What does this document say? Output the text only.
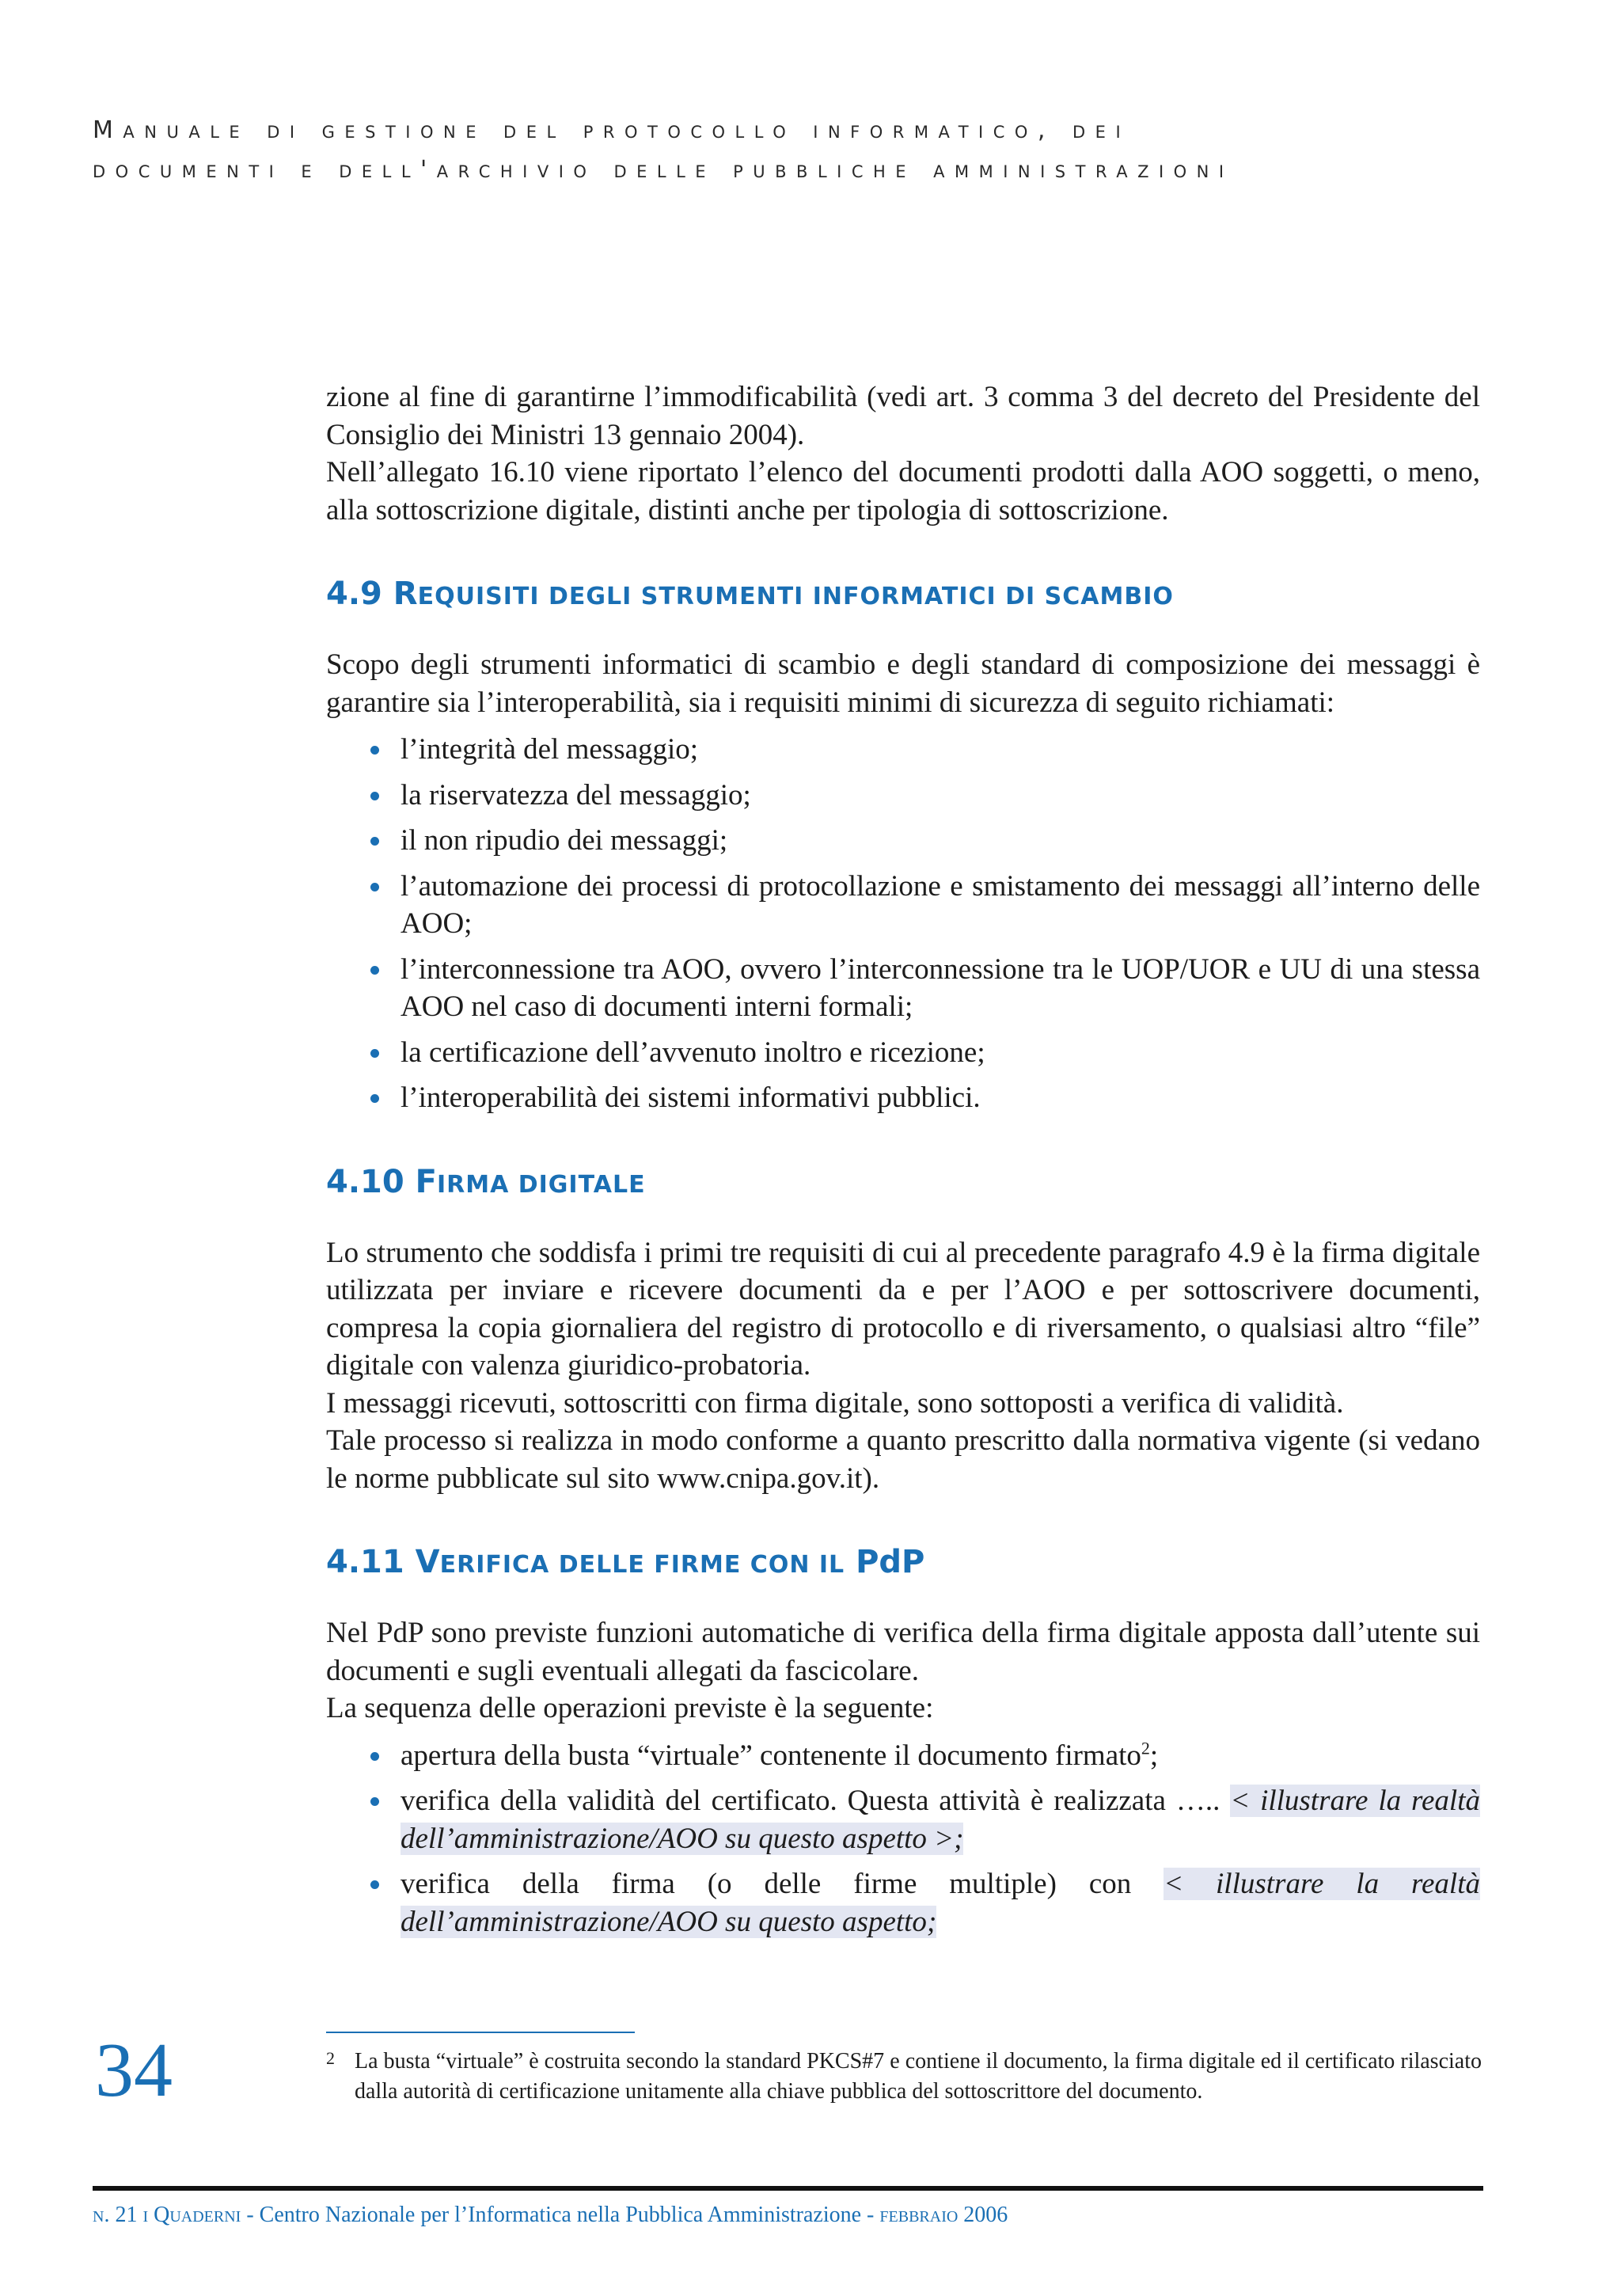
Manuale di gestione del protocollo informatico, dei
documenti e dell'archivio delle pubbliche amministrazioni

zione al fine di garantirne l’immodificabilità (vedi art. 3 comma 3 del decreto del Presidente del Consiglio dei Ministri 13 gennaio 2004).

Nell’allegato 16.10 viene riportato l’elenco del documenti prodotti dalla AOO soggetti, o meno, alla sottoscrizione digitale, distinti anche per tipologia di sottoscrizione.

4.9 REQUISITI DEGLI STRUMENTI INFORMATICI DI SCAMBIO

Scopo degli strumenti informatici di scambio e degli standard di composizione dei messaggi è garantire sia l’interoperabilità, sia i requisiti minimi di sicurezza di seguito richiamati:

l’integrità del messaggio;
la riservatezza del messaggio;
il non ripudio dei messaggi;
l’automazione dei processi di protocollazione e smistamento dei messaggi all’interno delle AOO;
l’interconnessione tra AOO, ovvero l’interconnessione tra le UOP/UOR e UU di una stessa AOO nel caso di documenti interni formali;
la certificazione dell’avvenuto inoltro e ricezione;
l’interoperabilità dei sistemi informativi pubblici.
4.10 FIRMA DIGITALE

Lo strumento che soddisfa i primi tre requisiti di cui al precedente paragrafo 4.9 è la firma digitale utilizzata per inviare e ricevere documenti da e per l’AOO e per sottoscrivere documenti, compresa la copia giornaliera del registro di protocollo e di riversamento, o qualsiasi altro “file” digitale con valenza giuridico-probatoria.

I messaggi ricevuti, sottoscritti con firma digitale, sono sottoposti a verifica di validità.

Tale processo si realizza in modo conforme a quanto prescritto dalla normativa vigente (si vedano le norme pubblicate sul sito www.cnipa.gov.it).

4.11 VERIFICA DELLE FIRME CON IL PdP

Nel PdP sono previste funzioni automatiche di verifica della firma digitale apposta dall’utente sui documenti e sugli eventuali allegati da fascicolare.

La sequenza delle operazioni previste è la seguente:

apertura della busta “virtuale” contenente il documento firmato$^2$;
verifica della validità del certificato. Questa attività è realizzata ….. < illustrare la realtà dell’amministrazione/AOO su questo aspetto >;
verifica della firma (o delle firme multiple) con < illustrare la realtà dell’amministrazione/AOO su questo aspetto;
34	2 La busta “virtuale” è costruita secondo la standard PKCS#7 e contiene il documento, la firma digitale ed il certificato rilasciato dalla autorità di certificazione unitamente alla chiave pubblica del sottoscrittore del documento.
n. 21 i Quaderni - Centro Nazionale per l’Informatica nella Pubblica Amministrazione - febbraio 2006
